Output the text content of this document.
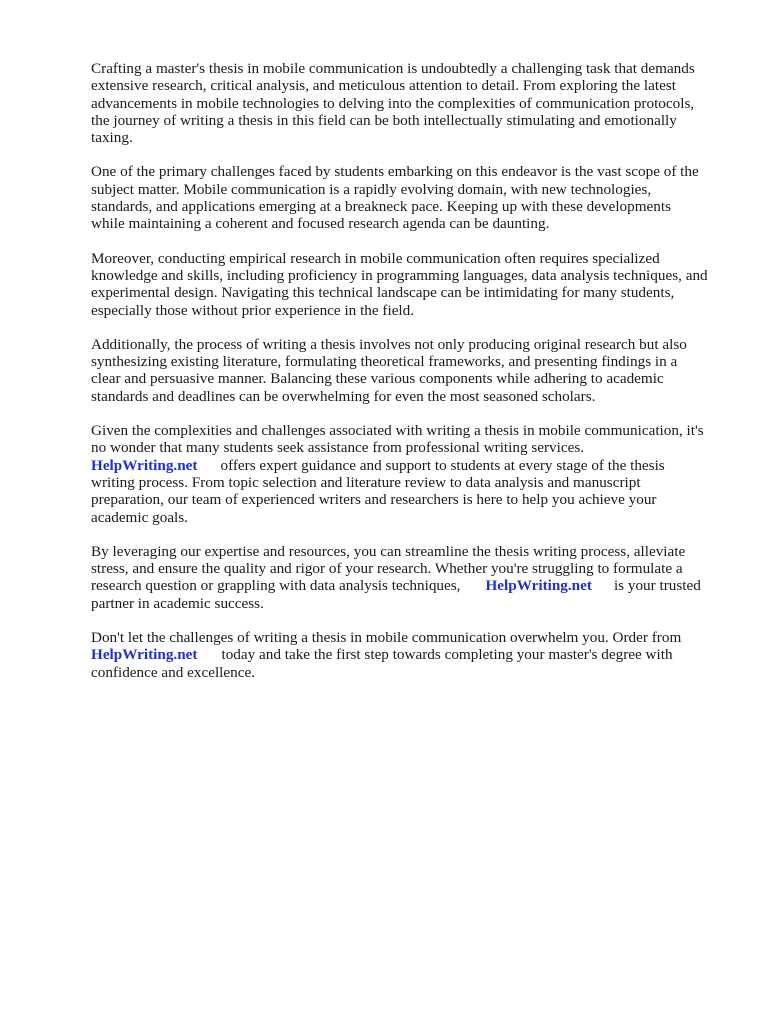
Crafting a master's thesis in mobile communication is undoubtedly a challenging task that demands
extensive research, critical analysis, and meticulous attention to detail. From exploring the latest
advancements in mobile technologies to delving into the complexities of communication protocols,
the journey of writing a thesis in this field can be both intellectually stimulating and emotionally
taxing.

One of the primary challenges faced by students embarking on this endeavor is the vast scope of the
subject matter. Mobile communication is a rapidly evolving domain, with new technologies,
standards, and applications emerging at a breakneck pace. Keeping up with these developments
while maintaining a coherent and focused research agenda can be daunting.

Moreover, conducting empirical research in mobile communication often requires specialized
knowledge and skills, including proficiency in programming languages, data analysis techniques, and
experimental design. Navigating this technical landscape can be intimidating for many students,
especially those without prior experience in the field.

Additionally, the process of writing a thesis involves not only producing original research but also
synthesizing existing literature, formulating theoretical frameworks, and presenting findings in a
clear and persuasive manner. Balancing these various components while adhering to academic
standards and deadlines can be overwhelming for even the most seasoned scholars.

Given the complexities and challenges associated with writing a thesis in mobile communication, it's
no wonder that many students seek assistance from professional writing services.
HelpWriting.net offers expert guidance and support to students at every stage of the thesis
writing process. From topic selection and literature review to data analysis and manuscript
preparation, our team of experienced writers and researchers is here to help you achieve your
academic goals.

By leveraging our expertise and resources, you can streamline the thesis writing process, alleviate
stress, and ensure the quality and rigor of your research. Whether you're struggling to formulate a
research question or grappling with data analysis techniques, HelpWriting.net is your trusted
partner in academic success.

Don't let the challenges of writing a thesis in mobile communication overwhelm you. Order from
HelpWriting.net today and take the first step towards completing your master's degree with
confidence and excellence.
